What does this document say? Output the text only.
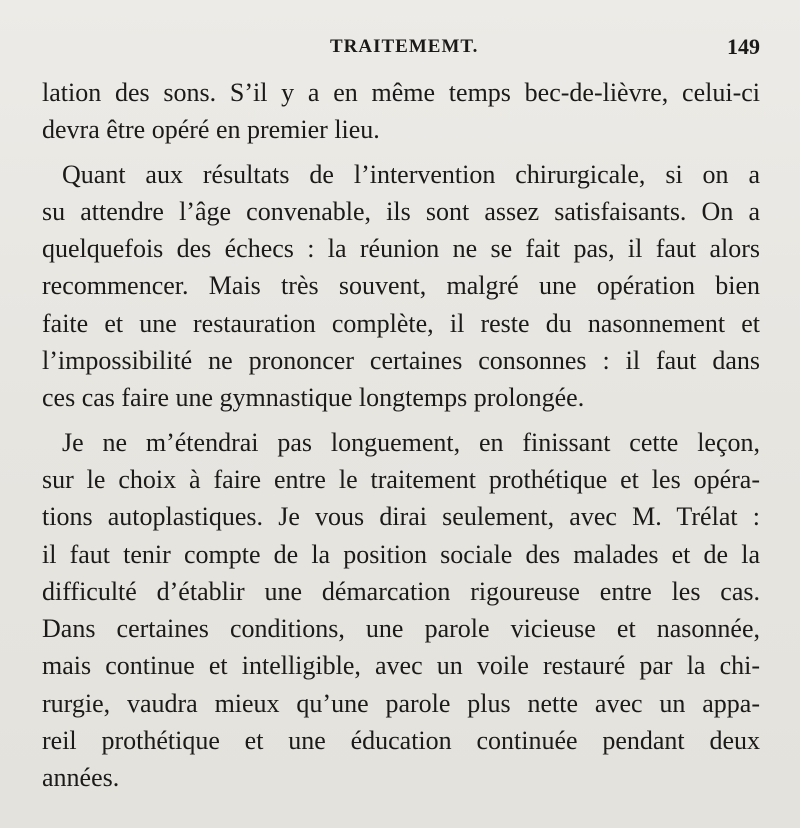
TRAITEMEMT.	149
lation des sons. S’il y a en même temps bec-de-lièvre, celui-ci
devra être opéré en premier lieu.
Quant aux résultats de l’intervention chirurgicale, si on a
su attendre l’âge convenable, ils sont assez satisfaisants. On a
quelquefois des échecs : la réunion ne se fait pas, il faut alors
recommencer. Mais très souvent, malgré une opération bien
faite et une restauration complète, il reste du nasonnement et
l’impossibilité ne prononcer certaines consonnes : il faut dans
ces cas faire une gymnastique longtemps prolongée.
Je ne m’étendrai pas longuement, en finissant cette leçon,
sur le choix à faire entre le traitement prothétique et les opéra-
tions autoplastiques. Je vous dirai seulement, avec M. Trélat :
il faut tenir compte de la position sociale des malades et de la
difficulté d’établir une démarcation rigoureuse entre les cas.
Dans certaines conditions, une parole vicieuse et nasonnée,
mais continue et intelligible, avec un voile restauré par la chi-
rurgie, vaudra mieux qu’une parole plus nette avec un appa-
reil prothétique et une éducation continuée pendant deux
années.
